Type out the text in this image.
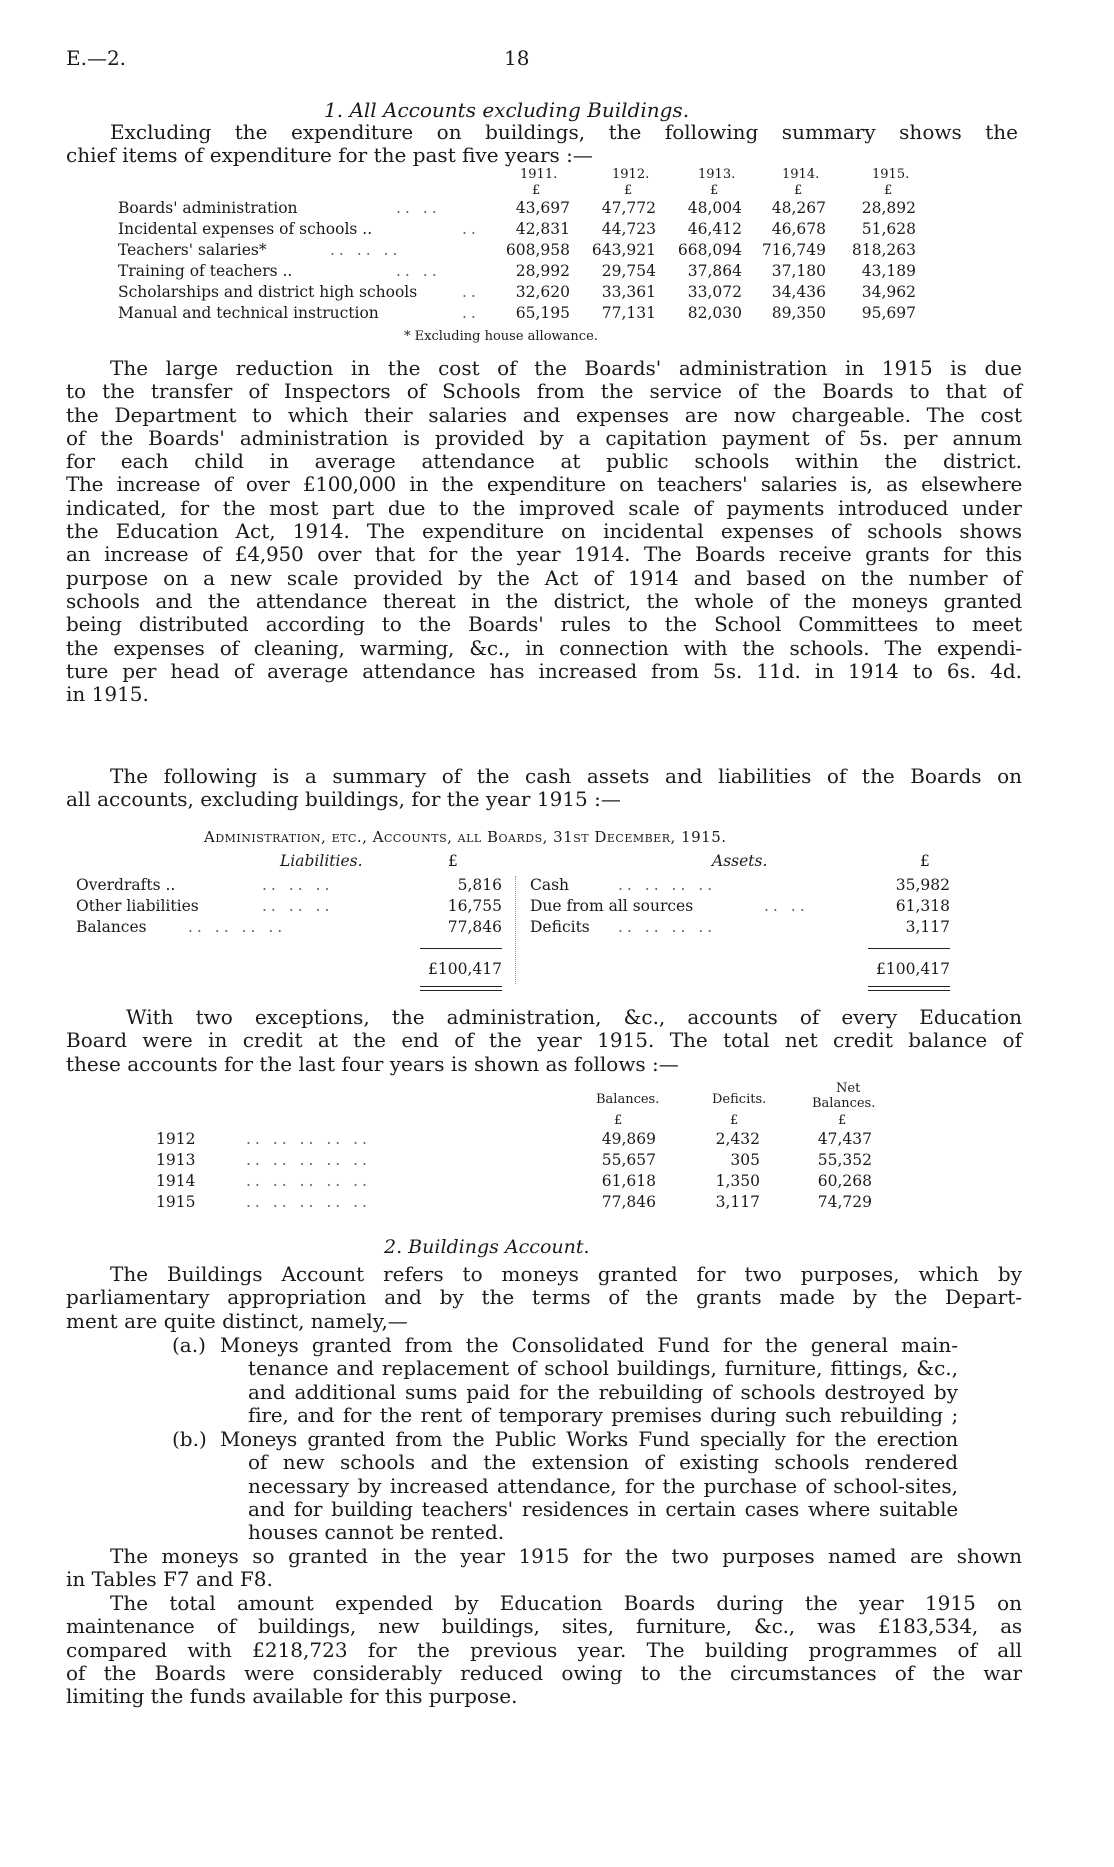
E.—2.	18
1. All Accounts excluding Buildings.
Excluding the expenditure on buildings, the following summary shows the
chief items of expenditure for the past five years :—
1911.	1912.	1913.	1914.	1915.
£	£	£	£	£
Boards' administration	.. ..	43,697	47,772	48,004	48,267	28,892
Incidental expenses of schools ..	..	42,831	44,723	46,412	46,678	51,628
Teachers' salaries*	.. .. ..	608,958	643,921	668,094	716,749	818,263
Training of teachers ..	.. ..	28,992	29,754	37,864	37,180	43,189
Scholarships and district high schools	..	32,620	33,361	33,072	34,436	34,962
Manual and technical instruction	..	65,195	77,131	82,030	89,350	95,697
* Excluding house allowance.
The large reduction in the cost of the Boards' administration in 1915 is due
to the transfer of Inspectors of Schools from the service of the Boards to that of
the Department to which their salaries and expenses are now chargeable. The cost
of the Boards' administration is provided by a capitation payment of 5s. per annum
for each child in average attendance at public schools within the district.
The increase of over £100,000 in the expenditure on teachers' salaries is, as elsewhere
indicated, for the most part due to the improved scale of payments introduced under
the Education Act, 1914. The expenditure on incidental expenses of schools shows
an increase of £4,950 over that for the year 1914. The Boards receive grants for this
purpose on a new scale provided by the Act of 1914 and based on the number of
schools and the attendance thereat in the district, the whole of the moneys granted
being distributed according to the Boards' rules to the School Committees to meet
the expenses of cleaning, warming, &c., in connection with the schools. The expendi-
ture per head of average attendance has increased from 5s. 11d. in 1914 to 6s. 4d.
in 1915.
The following is a summary of the cash assets and liabilities of the Boards on
all accounts, excluding buildings, for the year 1915 :—
Administration, etc., Accounts, all Boards, 31st December, 1915.
Liabilities.	£	Assets.	£
Overdrafts ..	.. .. ..	5,816
Other liabilities	.. .. ..	16,755
Balances	.. .. .. ..	77,846
Cash	.. .. .. ..	35,982
Due from all sources	.. ..	61,318
Deficits .. .. .. ..	3,117
£100,417	£100,417
With two exceptions, the administration, &c., accounts of every Education
Board were in credit at the end of the year 1915. The total net credit balance of
these accounts for the last four years is shown as follows :—
Balances.	Deficits.
Net
Balances.
£	£	£
1912	.. .. .. .. ..	49,869	2,432	47,437
1913	.. .. .. .. ..	55,657	305	55,352
1914	.. .. .. .. ..	61,618	1,350	60,268
1915	.. .. .. .. ..	77,846	3,117	74,729
2. Buildings Account.
The Buildings Account refers to moneys granted for two purposes, which by
parliamentary appropriation and by the terms of the grants made by the Depart-
ment are quite distinct, namely,—
(a.) Moneys granted from the Consolidated Fund for the general main-
tenance and replacement of school buildings, furniture, fittings, &c.,
and additional sums paid for the rebuilding of schools destroyed by
fire, and for the rent of temporary premises during such rebuilding ;
(b.) Moneys granted from the Public Works Fund specially for the erection
of new schools and the extension of existing schools rendered
necessary by increased attendance, for the purchase of school-sites,
and for building teachers' residences in certain cases where suitable
houses cannot be rented.
The moneys so granted in the year 1915 for the two purposes named are shown
in Tables F7 and F8.
The total amount expended by Education Boards during the year 1915 on
maintenance of buildings, new buildings, sites, furniture, &c., was £183,534, as
compared with £218,723 for the previous year. The building programmes of all
of the Boards were considerably reduced owing to the circumstances of the war
limiting the funds available for this purpose.
